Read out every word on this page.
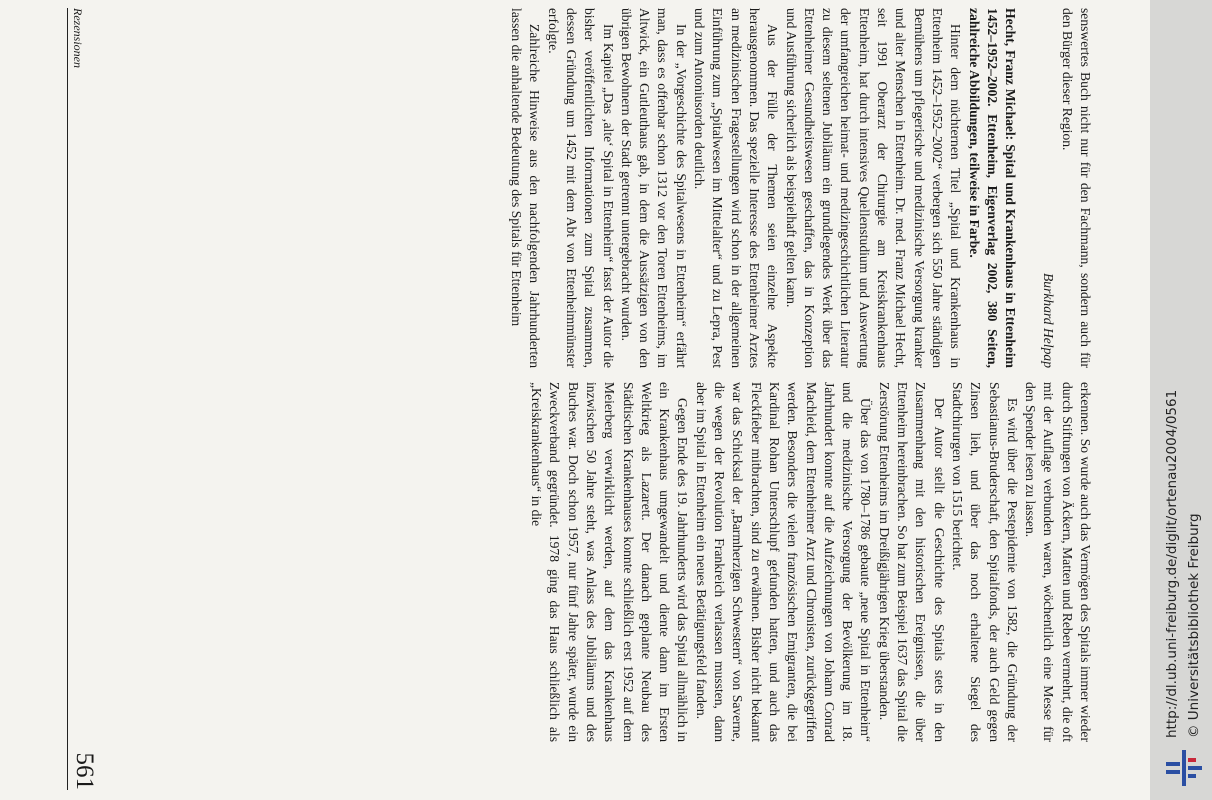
Rezensionen
561

senswertes Buch nicht nur für den Fachmann, sondern auch für den Bürger dieser Region.

Burkhard Helpap

Hecht, Franz Michael: Spital und Krankenhaus in Ettenheim 1452–1952–2002. Ettenheim, Eigenverlag 2002, 380 Seiten, zahlreiche Abbildungen, teilweise in Farbe.

Hinter dem nüchternen Titel „Spital und Krankenhaus in Ettenheim 1452–1952–2002“ verbergen sich 550 Jahre ständigen Bemühens um pflegerische und medizinische Versorgung kranker und alter Menschen in Ettenheim. Dr. med. Franz Michael Hecht, seit 1991 Oberarzt der Chirurgie am Kreiskrankenhaus Ettenheim, hat durch intensives Quellenstudium und Auswertung der umfangreichen heimat- und medizingeschichtlichen Literatur zu diesem seltenen Jubiläum ein grundlegendes Werk über das Ettenheimer Gesundheitswesen geschaffen, das in Konzeption und Ausführung sicherlich als beispielhaft gelten kann.

Aus der Fülle der Themen seien einzelne Aspekte herausgenommen. Das spezielle Interesse des Ettenheimer Arztes an medizinischen Fragestellungen wird schon in der allgemeinen Einführung zum „Spitalwesen im Mittelalter“ und zu Lepra, Pest und zum Antoniusorden deutlich.

In der „Vorgeschichte des Spitalwesens in Ettenheim“ erfährt man, dass es offenbar schon 1312 vor den Toren Ettenheims, im Altwick, ein Gutleuthaus gab, in dem die Aussätzigen von den übrigen Bewohnern der Stadt getrennt untergebracht wurden.

Im Kapitel „Das ‚alte‘ Spital in Ettenheim“ fasst der Autor die bisher veröffentlichten Informationen zum Spital zusammen, dessen Gründung um 1452 mit dem Abt von Ettenheimmünster erfolgte.

Zahlreiche Hinweise aus den nachfolgenden Jahrhunderten lassen die anhaltende Bedeutung des Spitals für Ettenheim

erkennen. So wurde auch das Vermögen des Spitals immer wieder durch Stiftungen von Äckern, Matten und Reben vermehrt, die oft mit der Auflage verbunden waren, wöchentlich eine Messe für den Spender lesen zu lassen.

Es wird über die Pestepidemie von 1582, die Gründung der Sebastianus-Bruderschaft, den Spitalfonds, der auch Geld gegen Zinsen lieh, und über das noch erhaltene Siegel des Stadtchirurgen von 1515 berichtet.

Der Autor stellt die Geschichte des Spitals stets in den Zusammenhang mit den historischen Ereignissen, die über Ettenheim hereinbrachen. So hat zum Beispiel 1637 das Spital die Zerstörung Ettenheims im Dreißigjährigen Krieg überstanden.

Über das von 1780–1786 gebaute „neue Spital in Ettenheim“ und die medizinische Versorgung der Bevölkerung im 18. Jahrhundert konnte auf die Aufzeichnungen von Johann Conrad Machleid, dem Ettenheimer Arzt und Chronisten, zurückgegriffen werden. Besonders die vielen französischen Emigranten, die bei Kardinal Rohan Unterschlupf gefunden hatten, und auch das Fleckfieber mitbrachten, sind zu erwähnen. Bisher nicht bekannt war das Schicksal der „Barmherzigen Schwestern“ von Saverne, die wegen der Revolution Frankreich verlassen mussten, dann aber im Spital in Ettenheim ein neues Betätigungsfeld fanden.

Gegen Ende des 19. Jahrhunderts wird das Spital allmählich in ein Krankenhaus umgewandelt und diente dann im Ersten Weltkrieg als Lazarett. Der danach geplante Neubau des Städtischen Krankenhauses konnte schließlich erst 1952 auf dem Meierberg verwirklicht werden, auf dem das Krankenhaus inzwischen 50 Jahre steht, was Anlass des Jubiläums und des Buches war. Doch schon 1957, nur fünf Jahre später, wurde ein Zweckverband gegründet. 1978 ging das Haus schließlich als „Kreiskrankenhaus“ in die	http://dl.ub.uni-freiburg.de/diglit/ortenau2004/0561 © Universitätsbibliothek Freiburg
